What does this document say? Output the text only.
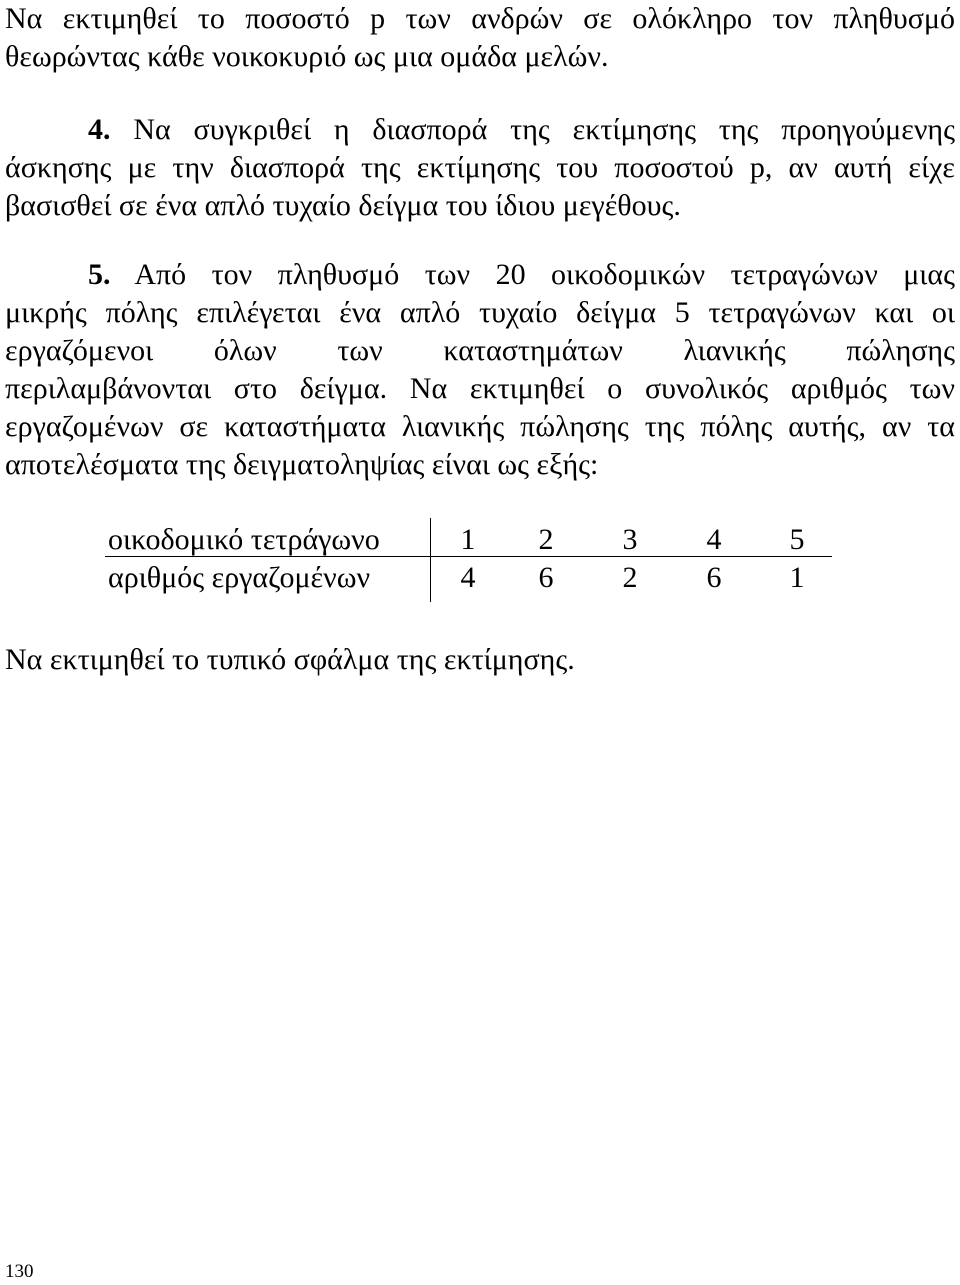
Να εκτιμηθεί το ποσοστό p των ανδρών σε ολόκληρο τον πληθυσμό
θεωρώντας κάθε νοικοκυριό ως μια ομάδα μελών.
4. Να συγκριθεί η διασπορά της εκτίμησης της προηγούμενης
άσκησης με την διασπορά της εκτίμησης του ποσοστού p, αν αυτή είχε
βασισθεί σε ένα απλό τυχαίο δείγμα του ίδιου μεγέθους.
5. Από τον πληθυσμό των 20 οικοδομικών τετραγώνων μιας
μικρής πόλης επιλέγεται ένα απλό τυχαίο δείγμα 5 τετραγώνων και οι
εργαζόμενοι όλων των καταστημάτων λιανικής πώλησης
περιλαμβάνονται στο δείγμα. Να εκτιμηθεί ο συνολικός αριθμός των
εργαζομένων σε καταστήματα λιανικής πώλησης της πόλης αυτής, αν τα
αποτελέσματα της δειγματοληψίας είναι ως εξής:
οικοδομικό τετράγωνο	1	2	3	4	5
αριθμός εργαζομένων	4	6	2	6	1
Να εκτιμηθεί το τυπικό σφάλμα της εκτίμησης.
130
